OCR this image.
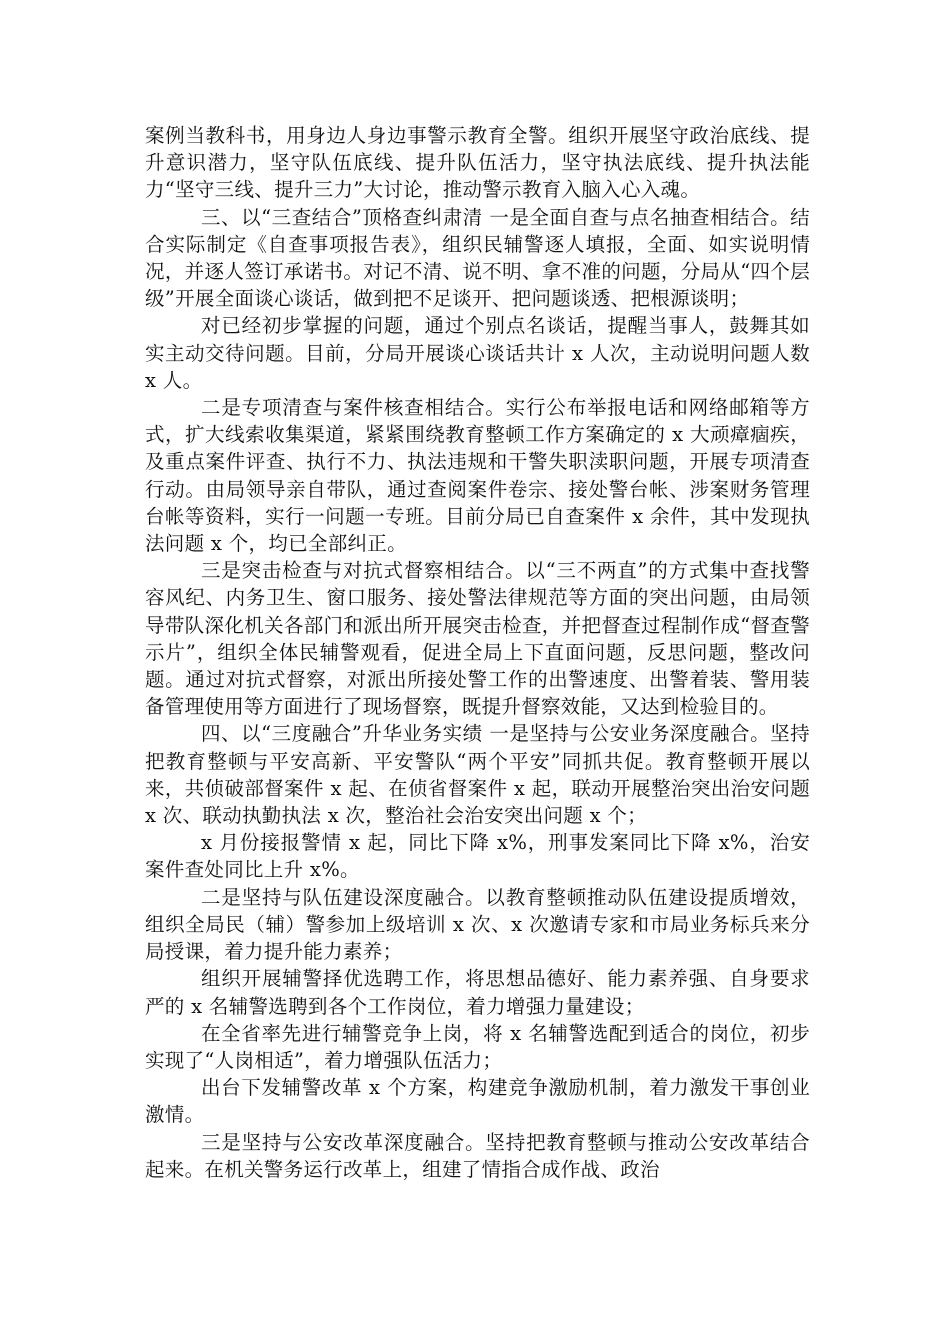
案例当教科书，用身边人身边事警示教育全警。组织开展坚守政治底线、提升意识潜力，坚守队伍底线、提升队伍活力，坚守执法底线、提升执法能力“坚守三线、提升三力”大讨论，推动警示教育入脑入心入魂。

三、以“三查结合”顶格查纠肃清 一是全面自查与点名抽查相结合。结合实际制定《自查事项报告表》，组织民辅警逐人填报，全面、如实说明情况，并逐人签订承诺书。对记不清、说不明、拿不准的问题，分局从“四个层级”开展全面谈心谈话，做到把不足谈开、把问题谈透、把根源谈明；

对已经初步掌握的问题，通过个别点名谈话，提醒当事人，鼓舞其如实主动交待问题。目前，分局开展谈心谈话共计 x 人次，主动说明问题人数 x 人。

二是专项清查与案件核查相结合。实行公布举报电话和网络邮箱等方式，扩大线索收集渠道，紧紧围绕教育整顿工作方案确定的 x 大顽瘴痼疾，及重点案件评查、执行不力、执法违规和干警失职渎职问题，开展专项清查行动。由局领导亲自带队，通过查阅案件卷宗、接处警台帐、涉案财务管理台帐等资料，实行一问题一专班。目前分局已自查案件 x 余件，其中发现执法问题 x 个，均已全部纠正。

三是突击检查与对抗式督察相结合。以“三不两直”的方式集中查找警容风纪、内务卫生、窗口服务、接处警法律规范等方面的突出问题，由局领导带队深化机关各部门和派出所开展突击检查，并把督查过程制作成“督查警示片”，组织全体民辅警观看，促进全局上下直面问题，反思问题，整改问题。通过对抗式督察，对派出所接处警工作的出警速度、出警着装、警用装备管理使用等方面进行了现场督察，既提升督察效能，又达到检验目的。

四、以“三度融合”升华业务实绩 一是坚持与公安业务深度融合。坚持把教育整顿与平安高新、平安警队“两个平安”同抓共促。教育整顿开展以来，共侦破部督案件 x 起、在侦省督案件 x 起，联动开展整治突出治安问题 x 次、联动执勤执法 x 次，整治社会治安突出问题 x 个；

x 月份接报警情 x 起，同比下降 x%，刑事发案同比下降 x%，治安案件查处同比上升 x%。

二是坚持与队伍建设深度融合。以教育整顿推动队伍建设提质增效，组织全局民（辅）警参加上级培训 x 次、x 次邀请专家和市局业务标兵来分局授课，着力提升能力素养；

组织开展辅警择优选聘工作，将思想品德好、能力素养强、自身要求严的 x 名辅警选聘到各个工作岗位，着力增强力量建设；

在全省率先进行辅警竞争上岗，将 x 名辅警选配到适合的岗位，初步实现了“人岗相适”，着力增强队伍活力；

出台下发辅警改革 x 个方案，构建竞争激励机制，着力激发干事创业激情。

三是坚持与公安改革深度融合。坚持把教育整顿与推动公安改革结合起来。在机关警务运行改革上，组建了情指合成作战、政治
